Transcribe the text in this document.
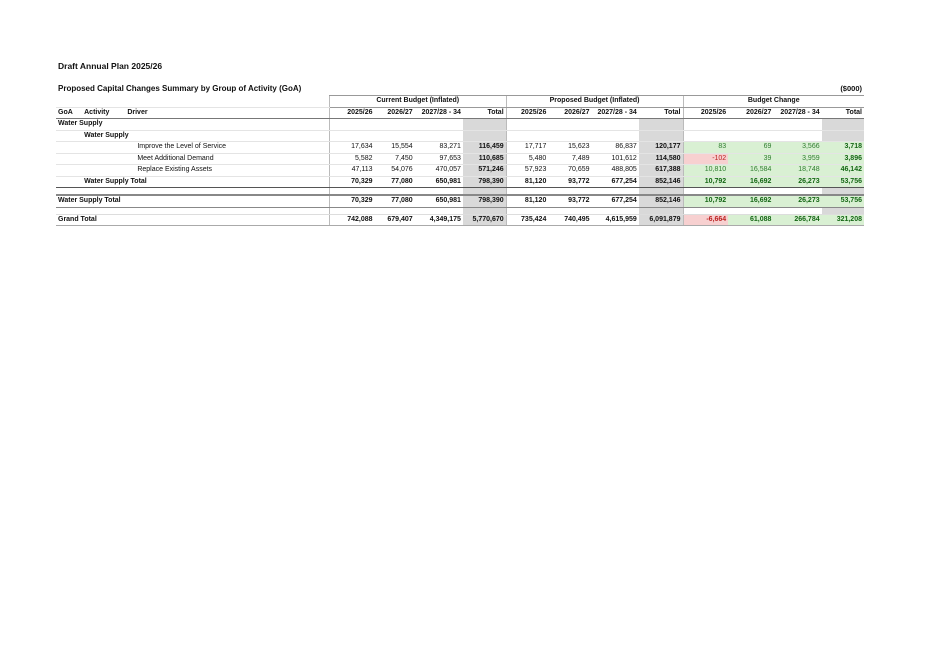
Draft Annual Plan 2025/26
Proposed Capital Changes Summary by Group of Activity (GoA)	($000)
			Current Budget (Inflated)				Proposed Budget (Inflated)				Budget Change			
GoA	Activity	Driver	2025/26	2026/27	2027/28 - 34	Total	2025/26	2026/27	2027/28 - 34	Total	2025/26	2026/27	2027/28 - 34	Total
Water Supply														
	Water Supply													
		Improve the Level of Service	17,634	15,554	83,271	116,459	17,717	15,623	86,837	120,177	83	69	3,566	3,718
		Meet Additional Demand	5,582	7,450	97,653	110,685	5,480	7,489	101,612	114,580	-102	39	3,959	3,896
		Replace Existing Assets	47,113	54,076	470,057	571,246	57,923	70,659	488,805	617,388	10,810	16,584	18,748	46,142
	Water Supply Total		70,329	77,080	650,981	798,390	81,120	93,772	677,254	852,146	10,792	16,692	26,273	53,756

Water Supply Total			70,329	77,080	650,981	798,390	81,120	93,772	677,254	852,146	10,792	16,692	26,273	53,756

Grand Total			742,088	679,407	4,349,175	5,770,670	735,424	740,495	4,615,959	6,091,879	-6,664	61,088	266,784	321,208
